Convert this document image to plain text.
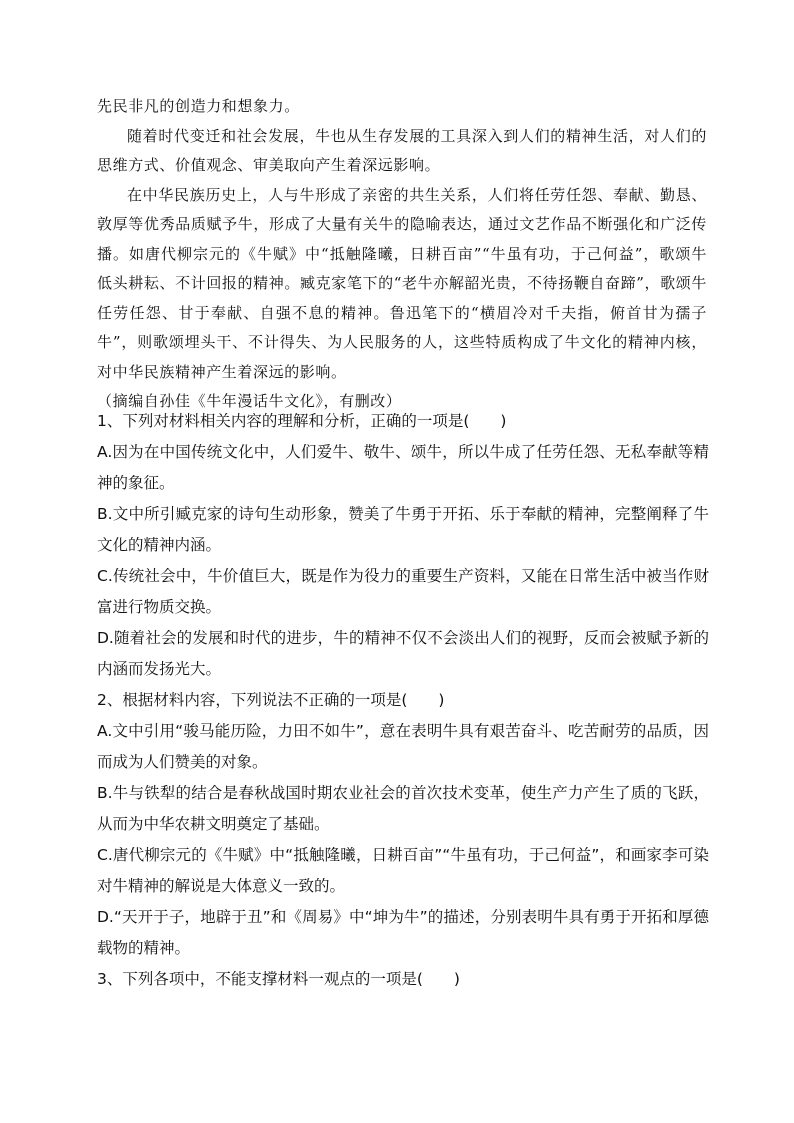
先民非凡的创造力和想象力。

随着时代变迁和社会发展，牛也从生存发展的工具深入到人们的精神生活，对人们的思维方式、价值观念、审美取向产生着深远影响。

在中华民族历史上，人与牛形成了亲密的共生关系，人们将任劳任怨、奉献、勤恳、敦厚等优秀品质赋予牛，形成了大量有关牛的隐喻表达，通过文艺作品不断强化和广泛传播。如唐代柳宗元的《牛赋》中“抵触隆曦，日耕百亩”“牛虽有功，于己何益”，歌颂牛低头耕耘、不计回报的精神。臧克家笔下的“老牛亦解韶光贵，不待扬鞭自奋蹄”，歌颂牛任劳任怨、甘于奉献、自强不息的精神。鲁迅笔下的“横眉冷对千夫指，俯首甘为孺子牛”，则歌颂埋头干、不计得失、为人民服务的人，这些特质构成了牛文化的精神内核，对中华民族精神产生着深远的影响。

（摘编自孙佳《牛年漫话牛文化》，有删改）

1、下列对材料相关内容的理解和分析，正确的一项是(　　)

A.因为在中国传统文化中，人们爱牛、敬牛、颂牛，所以牛成了任劳任怨、无私奉献等精神的象征。

B.文中所引臧克家的诗句生动形象，赞美了牛勇于开拓、乐于奉献的精神，完整阐释了牛文化的精神内涵。

C.传统社会中，牛价值巨大，既是作为役力的重要生产资料，又能在日常生活中被当作财富进行物质交换。

D.随着社会的发展和时代的进步，牛的精神不仅不会淡出人们的视野，反而会被赋予新的内涵而发扬光大。

2、根据材料内容，下列说法不正确的一项是(　　)

A.文中引用“骏马能历险，力田不如牛”，意在表明牛具有艰苦奋斗、吃苦耐劳的品质，因而成为人们赞美的对象。

B.牛与铁犁的结合是春秋战国时期农业社会的首次技术变革，使生产力产生了质的飞跃，从而为中华农耕文明奠定了基础。

C.唐代柳宗元的《牛赋》中“抵触隆曦，日耕百亩”“牛虽有功，于己何益”，和画家李可染对牛精神的解说是大体意义一致的。

D.“天开于子，地辟于丑”和《周易》中“坤为牛”的描述，分别表明牛具有勇于开拓和厚德载物的精神。

3、下列各项中，不能支撑材料一观点的一项是(　　)
